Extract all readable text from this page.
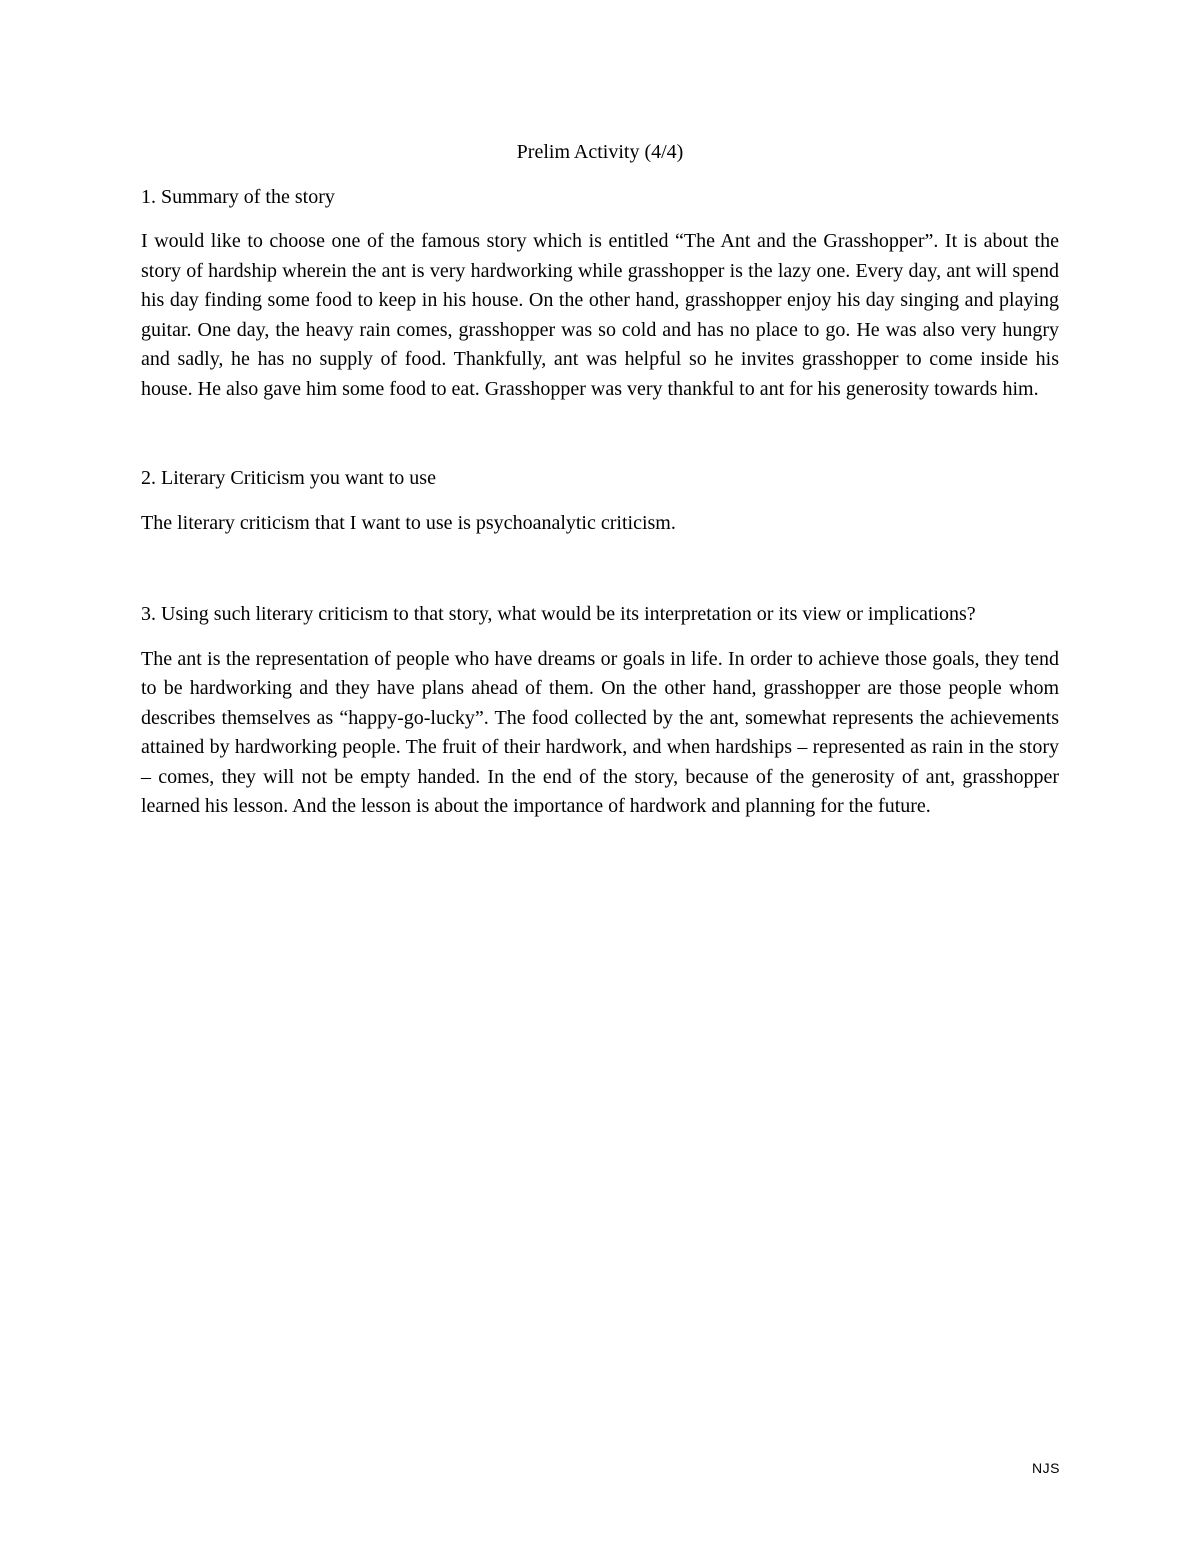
Prelim Activity (4/4)

1. Summary of the story

I would like to choose one of the famous story which is entitled “The Ant and the Grasshopper”. It is about the story of hardship wherein the ant is very hardworking while grasshopper is the lazy one. Every day, ant will spend his day finding some food to keep in his house. On the other hand, grasshopper enjoy his day singing and playing guitar. One day, the heavy rain comes, grasshopper was so cold and has no place to go. He was also very hungry and sadly, he has no supply of food. Thankfully, ant was helpful so he invites grasshopper to come inside his house. He also gave him some food to eat. Grasshopper was very thankful to ant for his generosity towards him.

2. Literary Criticism you want to use

The literary criticism that I want to use is psychoanalytic criticism.

3. Using such literary criticism to that story, what would be its interpretation or its view or implications?

The ant is the representation of people who have dreams or goals in life. In order to achieve those goals, they tend to be hardworking and they have plans ahead of them. On the other hand, grasshopper are those people whom describes themselves as “happy-go-lucky”. The food collected by the ant, somewhat represents the achievements attained by hardworking people. The fruit of their hardwork, and when hardships – represented as rain in the story – comes, they will not be empty handed. In the end of the story, because of the generosity of ant, grasshopper learned his lesson. And the lesson is about the importance of hardwork and planning for the future.

NJS
